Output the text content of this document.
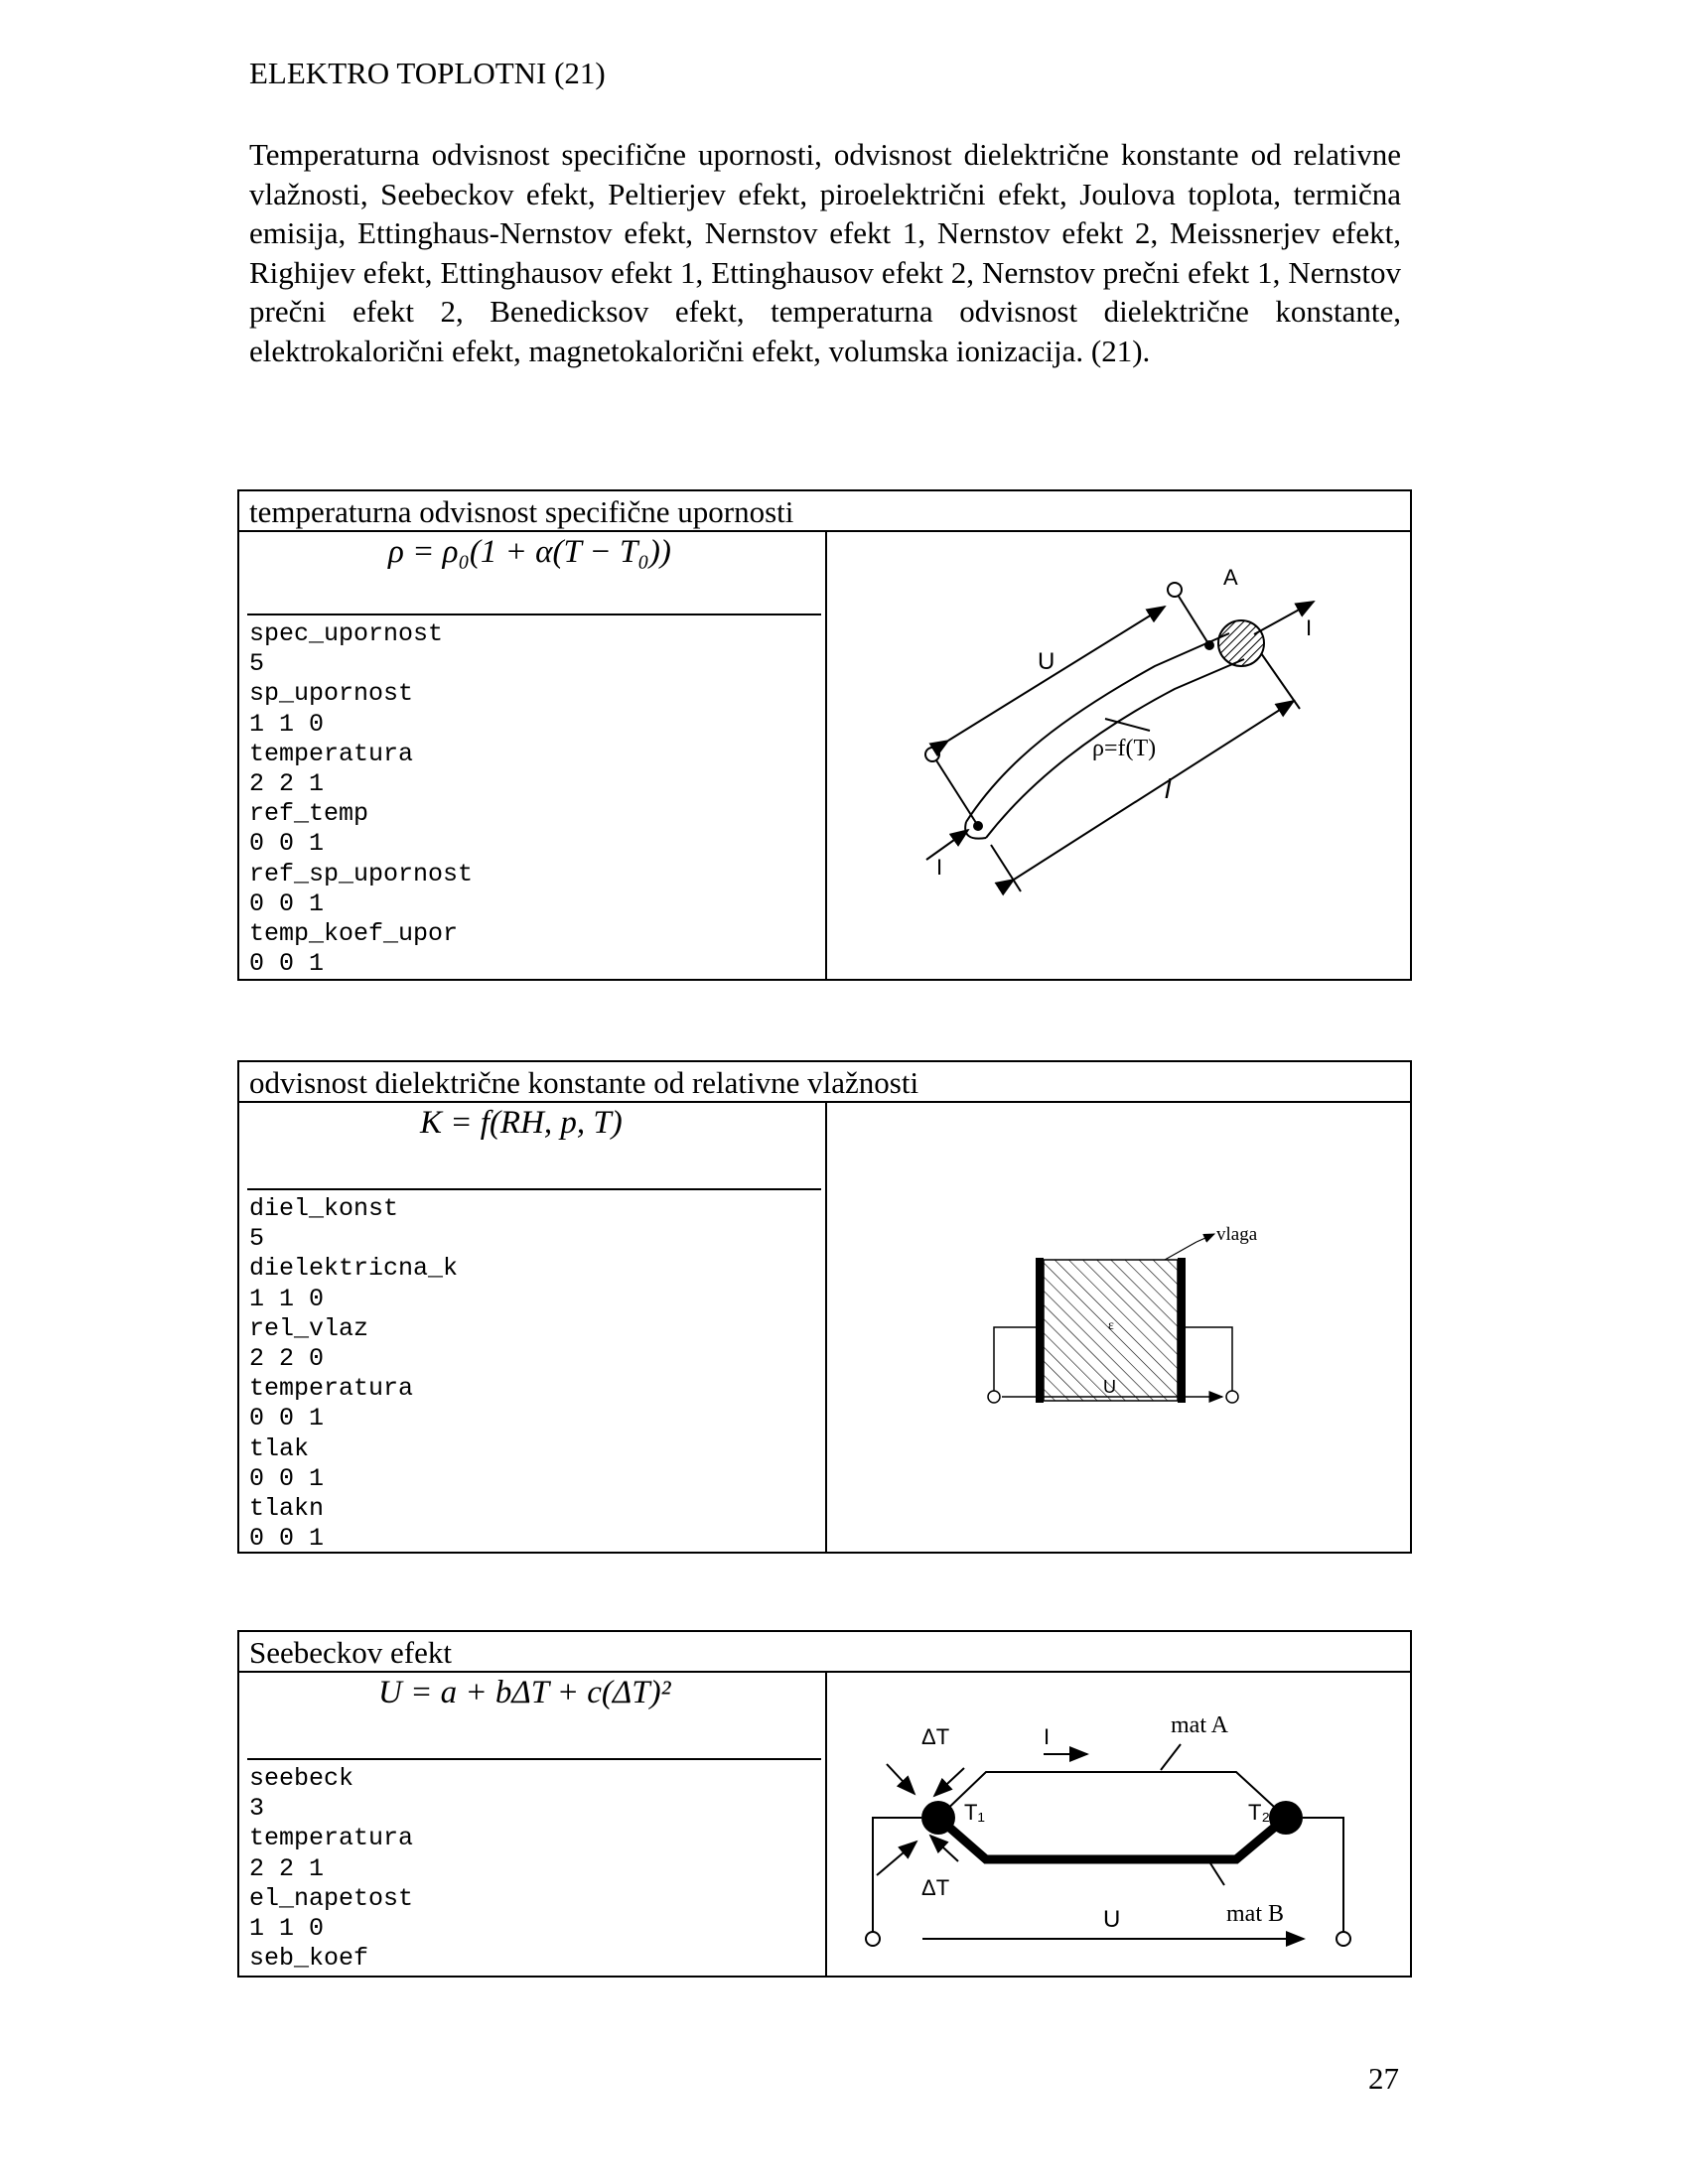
ELEKTRO TOPLOTNI (21)
Temperaturna odvisnost specifične upornosti, odvisnost dielektrične konstante od relativne vlažnosti, Seebeckov efekt, Peltierjev efekt, piroelektrični efekt, Joulova toplota, termična emisija, Ettinghaus-Nernstov efekt, Nernstov efekt 1, Nernstov efekt 2, Meissnerjev efekt, Righijev efekt, Ettinghausov efekt 1, Ettinghausov efekt 2, Nernstov prečni efekt 1, Nernstov prečni efekt 2, Benedicksov efekt, temperaturna odvisnost dielektrične konstante, elektrokalorični efekt, magnetokalorični efekt, volumska ionizacija. (21).
temperaturna odvisnost specifične upornosti
ρ = ρ₀(1 + α(T − T₀))
spec_upornost
5
sp_upornost
1 1 0
temperatura
2 2 1
ref_temp
0 0 1
ref_sp_upornost
0 0 1
temp_koef_upor
0 0 1
A
I
U
ρ=f(T)
l
I
odvisnost dielektrične konstante od relativne vlažnosti
K = f(RH, p, T)
diel_konst
5
dielektricna_k
1 1 0
rel_vlaz
2 2 0
temperatura
0 0 1
tlak
0 0 1
tlakn
0 0 1
vlaga
ε
U
Seebeckov efekt
U = a + bΔT + c(ΔT)²
seebeck
3
temperatura
2 2 1
el_napetost
1 1 0
seb_koef
ΔT	I	mat A
T₁	T₂
ΔT
U	mat B
27
